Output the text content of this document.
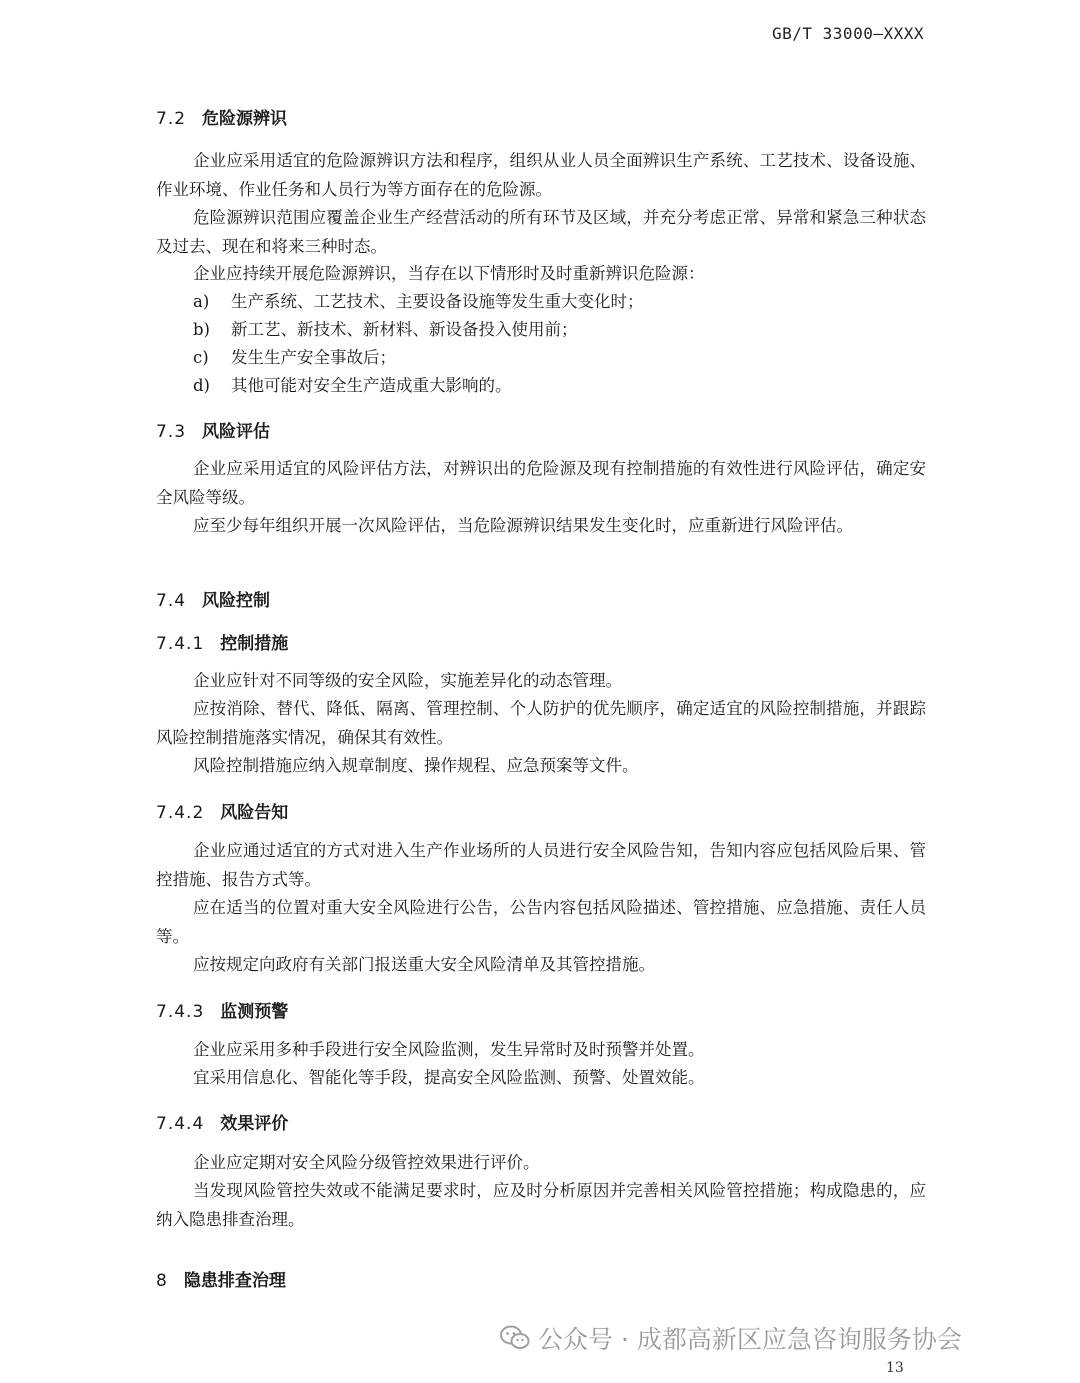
GB/T 33000—XXXX
7.2 危险源辨识
企业应采用适宜的危险源辨识方法和程序，组织从业人员全面辨识生产系统、工艺技术、设备设施、作业环境、作业任务和人员行为等方面存在的危险源。
危险源辨识范围应覆盖企业生产经营活动的所有环节及区域，并充分考虑正常、异常和紧急三种状态及过去、现在和将来三种时态。
企业应持续开展危险源辨识，当存在以下情形时及时重新辨识危险源：
a) 生产系统、工艺技术、主要设备设施等发生重大变化时；
b) 新工艺、新技术、新材料、新设备投入使用前；
c) 发生生产安全事故后；
d) 其他可能对安全生产造成重大影响的。
7.3 风险评估
企业应采用适宜的风险评估方法，对辨识出的危险源及现有控制措施的有效性进行风险评估，确定安全风险等级。
应至少每年组织开展一次风险评估，当危险源辨识结果发生变化时，应重新进行风险评估。
7.4 风险控制
7.4.1 控制措施
企业应针对不同等级的安全风险，实施差异化的动态管理。
应按消除、替代、降低、隔离、管理控制、个人防护的优先顺序，确定适宜的风险控制措施，并跟踪风险控制措施落实情况，确保其有效性。
风险控制措施应纳入规章制度、操作规程、应急预案等文件。
7.4.2 风险告知
企业应通过适宜的方式对进入生产作业场所的人员进行安全风险告知，告知内容应包括风险后果、管控措施、报告方式等。
应在适当的位置对重大安全风险进行公告，公告内容包括风险描述、管控措施、应急措施、责任人员等。
应按规定向政府有关部门报送重大安全风险清单及其管控措施。
7.4.3 监测预警
企业应采用多种手段进行安全风险监测，发生异常时及时预警并处置。
宜采用信息化、智能化等手段，提高安全风险监测、预警、处置效能。
7.4.4 效果评价
企业应定期对安全风险分级管控效果进行评价。
当发现风险管控失效或不能满足要求时，应及时分析原因并完善相关风险管控措施；构成隐患的，应纳入隐患排查治理。
8 隐患排查治理
公众号 · 成都高新区应急咨询服务协会
13
